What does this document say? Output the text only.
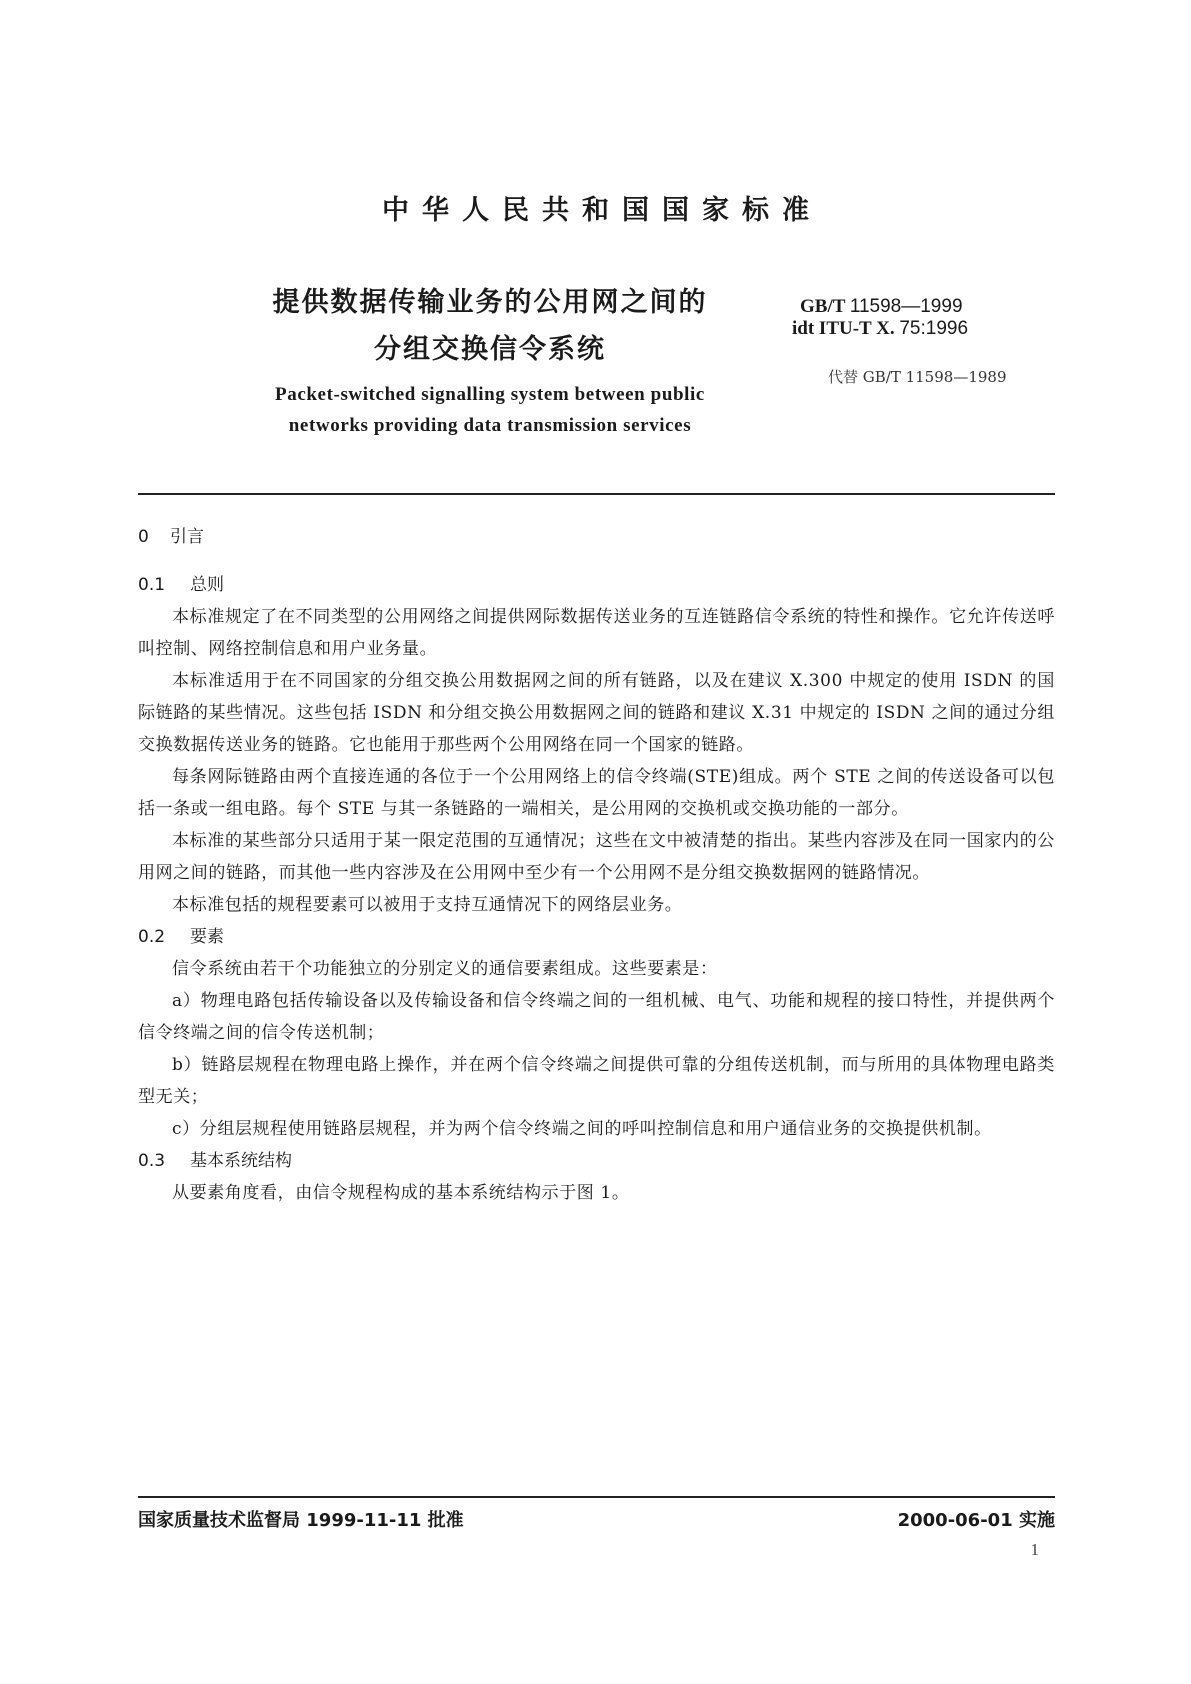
中华人民共和国国家标准
提供数据传输业务的公用网之间的
分组交换信令系统
Packet-switched signalling system between public
networks providing data transmission services
GB/T 11598—1999
idt ITU-T X. 75:1996
代替 GB/T 11598—1989
0 引言
0.1 总则

本标准规定了在不同类型的公用网络之间提供网际数据传送业务的互连链路信令系统的特性和操作。它允许传送呼叫控制、网络控制信息和用户业务量。

本标准适用于在不同国家的分组交换公用数据网之间的所有链路，以及在建议 X.300 中规定的使用 ISDN 的国际链路的某些情况。这些包括 ISDN 和分组交换公用数据网之间的链路和建议 X.31 中规定的 ISDN 之间的通过分组交换数据传送业务的链路。它也能用于那些两个公用网络在同一个国家的链路。

每条网际链路由两个直接连通的各位于一个公用网络上的信令终端(STE)组成。两个 STE 之间的传送设备可以包括一条或一组电路。每个 STE 与其一条链路的一端相关，是公用网的交换机或交换功能的一部分。

本标准的某些部分只适用于某一限定范围的互通情况；这些在文中被清楚的指出。某些内容涉及在同一国家内的公用网之间的链路，而其他一些内容涉及在公用网中至少有一个公用网不是分组交换数据网的链路情况。

本标准包括的规程要素可以被用于支持互通情况下的网络层业务。

0.2 要素

信令系统由若干个功能独立的分别定义的通信要素组成。这些要素是：

a）物理电路包括传输设备以及传输设备和信令终端之间的一组机械、电气、功能和规程的接口特性，并提供两个信令终端之间的信令传送机制；

b）链路层规程在物理电路上操作，并在两个信令终端之间提供可靠的分组传送机制，而与所用的具体物理电路类型无关；

c）分组层规程使用链路层规程，并为两个信令终端之间的呼叫控制信息和用户通信业务的交换提供机制。

0.3 基本系统结构

从要素角度看，由信令规程构成的基本系统结构示于图 1。

国家质量技术监督局 1999-11-11 批准	2000-06-01 实施
1
